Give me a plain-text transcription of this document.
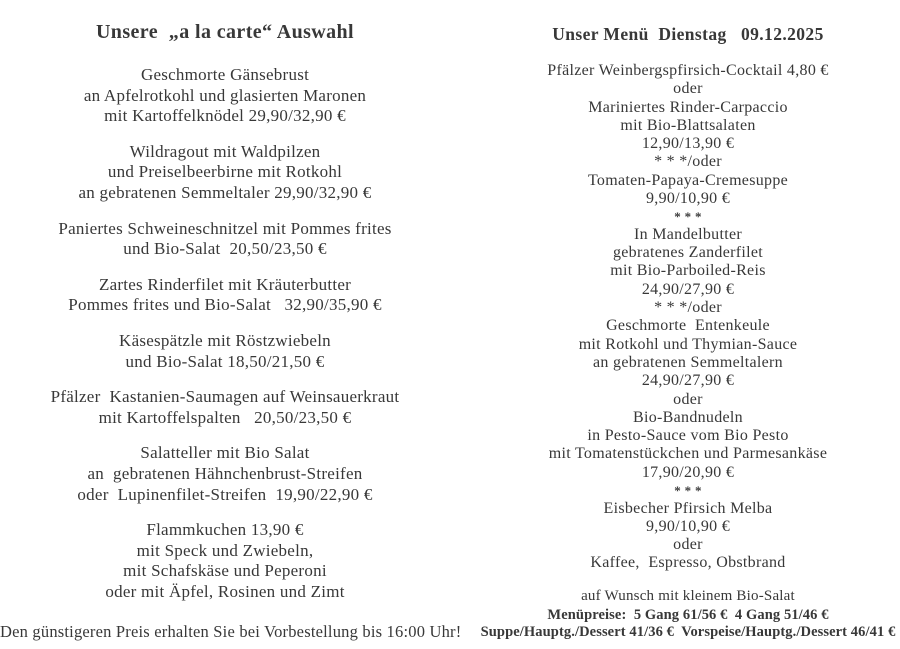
Unsere  „a la carte“ Auswahl
Geschmorte Gänsebrust
an Apfelrotkohl und glasierten Maronen
mit Kartoffelknödel 29,90/32,90 €
Wildragout mit Waldpilzen
und Preiselbeerbirne mit Rotkohl
an gebratenen Semmeltaler 29,90/32,90 €
Paniertes Schweineschnitzel mit Pommes frites
und Bio-Salat  20,50/23,50 €
Zartes Rinderfilet mit Kräuterbutter
Pommes frites und Bio-Salat   32,90/35,90 €
Käsespätzle mit Röstzwiebeln
und Bio-Salat 18,50/21,50 €
Pfälzer  Kastanien-Saumagen auf Weinsauerkraut
mit Kartoffelspalten   20,50/23,50 €
Salatteller mit Bio Salat
an  gebratenen Hähnchenbrust-Streifen
oder  Lupinenfilet-Streifen  19,90/22,90 €
Flammkuchen 13,90 €
mit Speck und Zwiebeln,
mit Schafskäse und Peperoni
oder mit Äpfel, Rosinen und Zimt
Den günstigeren Preis erhalten Sie bei Vorbestellung bis 16:00 Uhr!
Unser Menü  Dienstag   09.12.2025
Pfälzer Weinbergspfirsich-Cocktail 4,80 €
oder
Mariniertes Rinder-Carpaccio
mit Bio-Blattsalaten
12,90/13,90 €
* * */oder
Tomaten-Papaya-Cremesuppe
9,90/10,90 €
* * *
In Mandelbutter
gebratenes Zanderfilet
mit Bio-Parboiled-Reis
24,90/27,90 €
* * */oder
Geschmorte  Entenkeule
mit Rotkohl und Thymian-Sauce
an gebratenen Semmeltalern
24,90/27,90 €
oder
Bio-Bandnudeln
in Pesto-Sauce vom Bio Pesto
mit Tomatenstückchen und Parmesankäse
17,90/20,90 €
* * *
Eisbecher Pfirsich Melba
9,90/10,90 €
oder
Kaffee,  Espresso, Obstbrand
auf Wunsch mit kleinem Bio-Salat
Menüpreise:  5 Gang 61/56 €  4 Gang 51/46 €
Suppe/Hauptg./Dessert 41/36 €  Vorspeise/Hauptg./Dessert 46/41 €
